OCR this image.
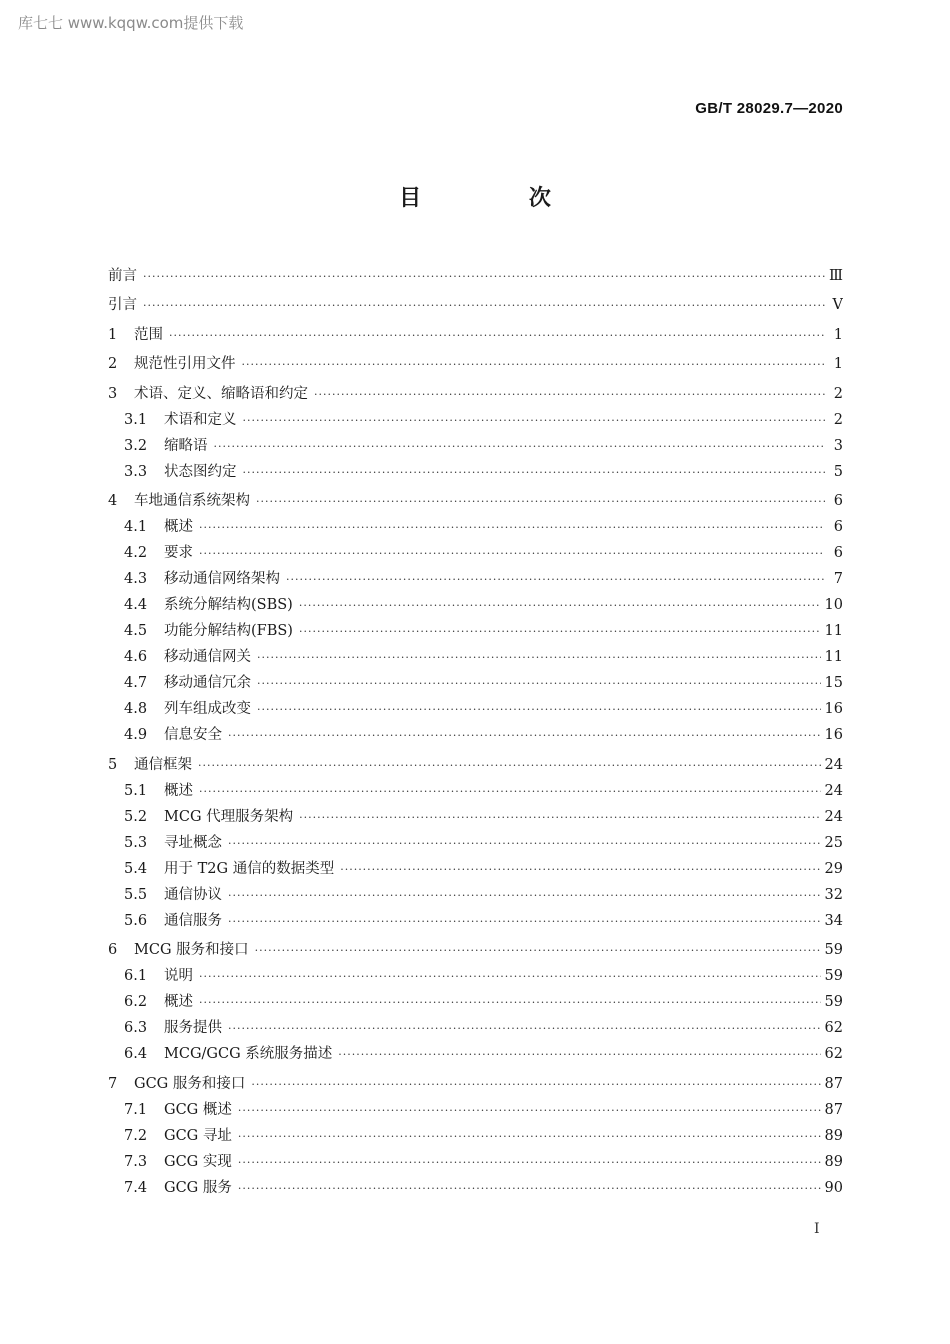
库七七 www.kqqw.com提供下载
GB/T 28029.7—2020
目 次
前言 ·····	Ⅲ
引言 ·····	Ⅴ
1	范围 ·····	1
2	规范性引用文件 ·····	1
3	术语、定义、缩略语和约定 ·····	2
3.1	术语和定义 ·····	2
3.2	缩略语 ·····	3
3.3	状态图约定 ·····	5
4	车地通信系统架构 ·····	6
4.1	概述 ·····	6
4.2	要求 ·····	6
4.3	移动通信网络架构 ·····	7
4.4	系统分解结构(SBS) ·····	10
4.5	功能分解结构(FBS) ·····	11
4.6	移动通信网关 ·····	11
4.7	移动通信冗余 ·····	15
4.8	列车组成改变 ·····	16
4.9	信息安全 ·····	16
5	通信框架 ·····	24
5.1	概述 ·····	24
5.2	MCG 代理服务架构 ·····	24
5.3	寻址概念 ·····	25
5.4	用于 T2G 通信的数据类型 ·····	29
5.5	通信协议 ·····	32
5.6	通信服务 ·····	34
6	MCG 服务和接口 ·····	59
6.1	说明 ·····	59
6.2	概述 ·····	59
6.3	服务提供 ·····	62
6.4	MCG/GCG 系统服务描述 ·····	62
7	GCG 服务和接口 ·····	87
7.1	GCG 概述 ·····	87
7.2	GCG 寻址 ·····	89
7.3	GCG 实现 ·····	89
7.4	GCG 服务 ·····	90
Ⅰ
